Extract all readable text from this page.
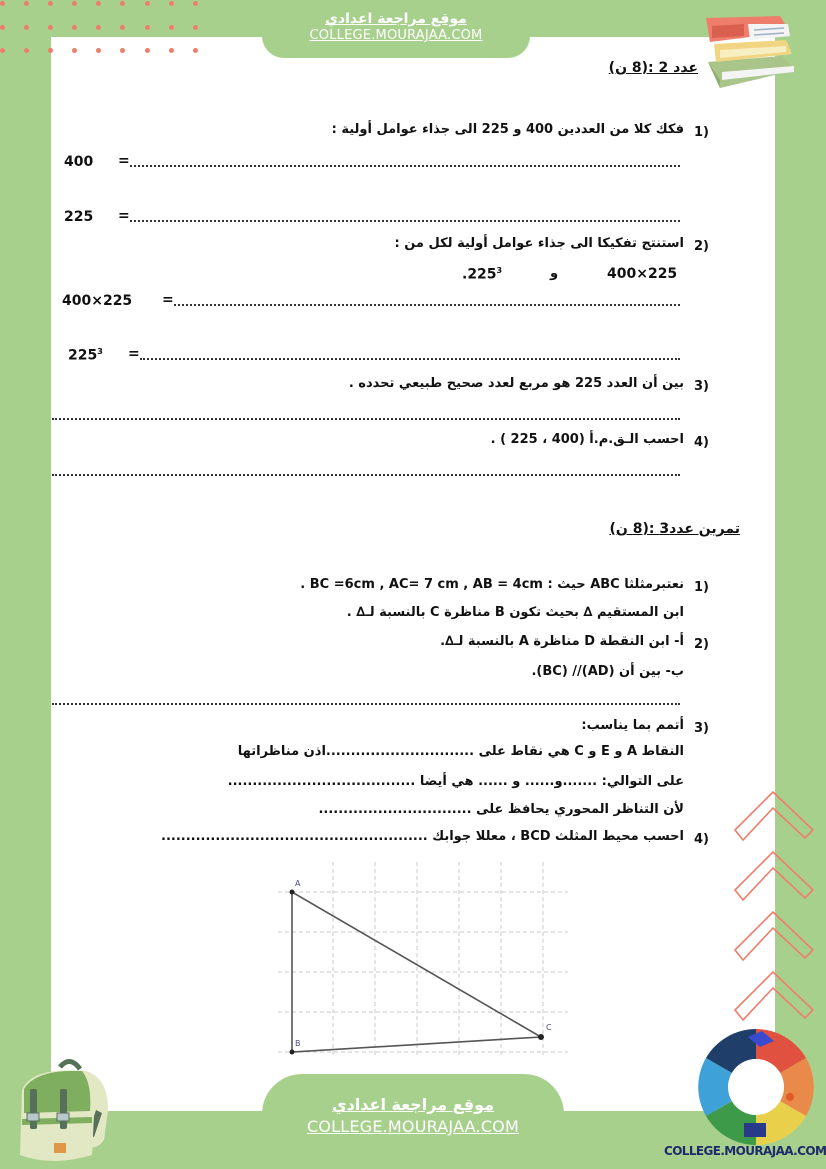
موقع مراجعة اعدادي
COLLEGE.MOURAJAA.COM
عدد 2 :(8 ن)
1)
فكك كلا من العددين 400 و 225 الى جذاء عوامل أولية :
400 =
225 =
2)
استنتج تفكيكا الى جذاء عوامل أولية لكل من :
400×225
و
.225$^3$
400×225 =
$225^3$ =
3)
بين أن العدد 225 هو مربع لعدد صحيح طبيعي تحدده .
4)
احسب الـق.م.أ (400 ، 225 ) .
تمرين عدد3 :(8 ن)
1)
نعتبرمثلثا ABC حيث : BC =6cm , AC= 7 cm , AB = 4cm .
ابن المستقيم ∆ بحيث تكون B مناظرة C بالنسبة لـ∆ .
2)
أ- ابن النقطة D مناظرة A بالنسبة لـ∆.
ب- بين أن (AD)// (BC).
3)
أتمم بما يناسب:
النقاط A و E و C هي نقاط على ..............................اذن مناظراتها
على التوالي: .......و...... و ...... هي أيضا ......................................
لأن التناظر المحوري يحافظ على ...............................
4)
احسب محيط المثلث BCD ، معللا جوابك ......................................................
A
B
C
موقع مراجعة اعدادي
COLLEGE.MOURAJAA.COM
COLLEGE.MOURAJAA.COM
